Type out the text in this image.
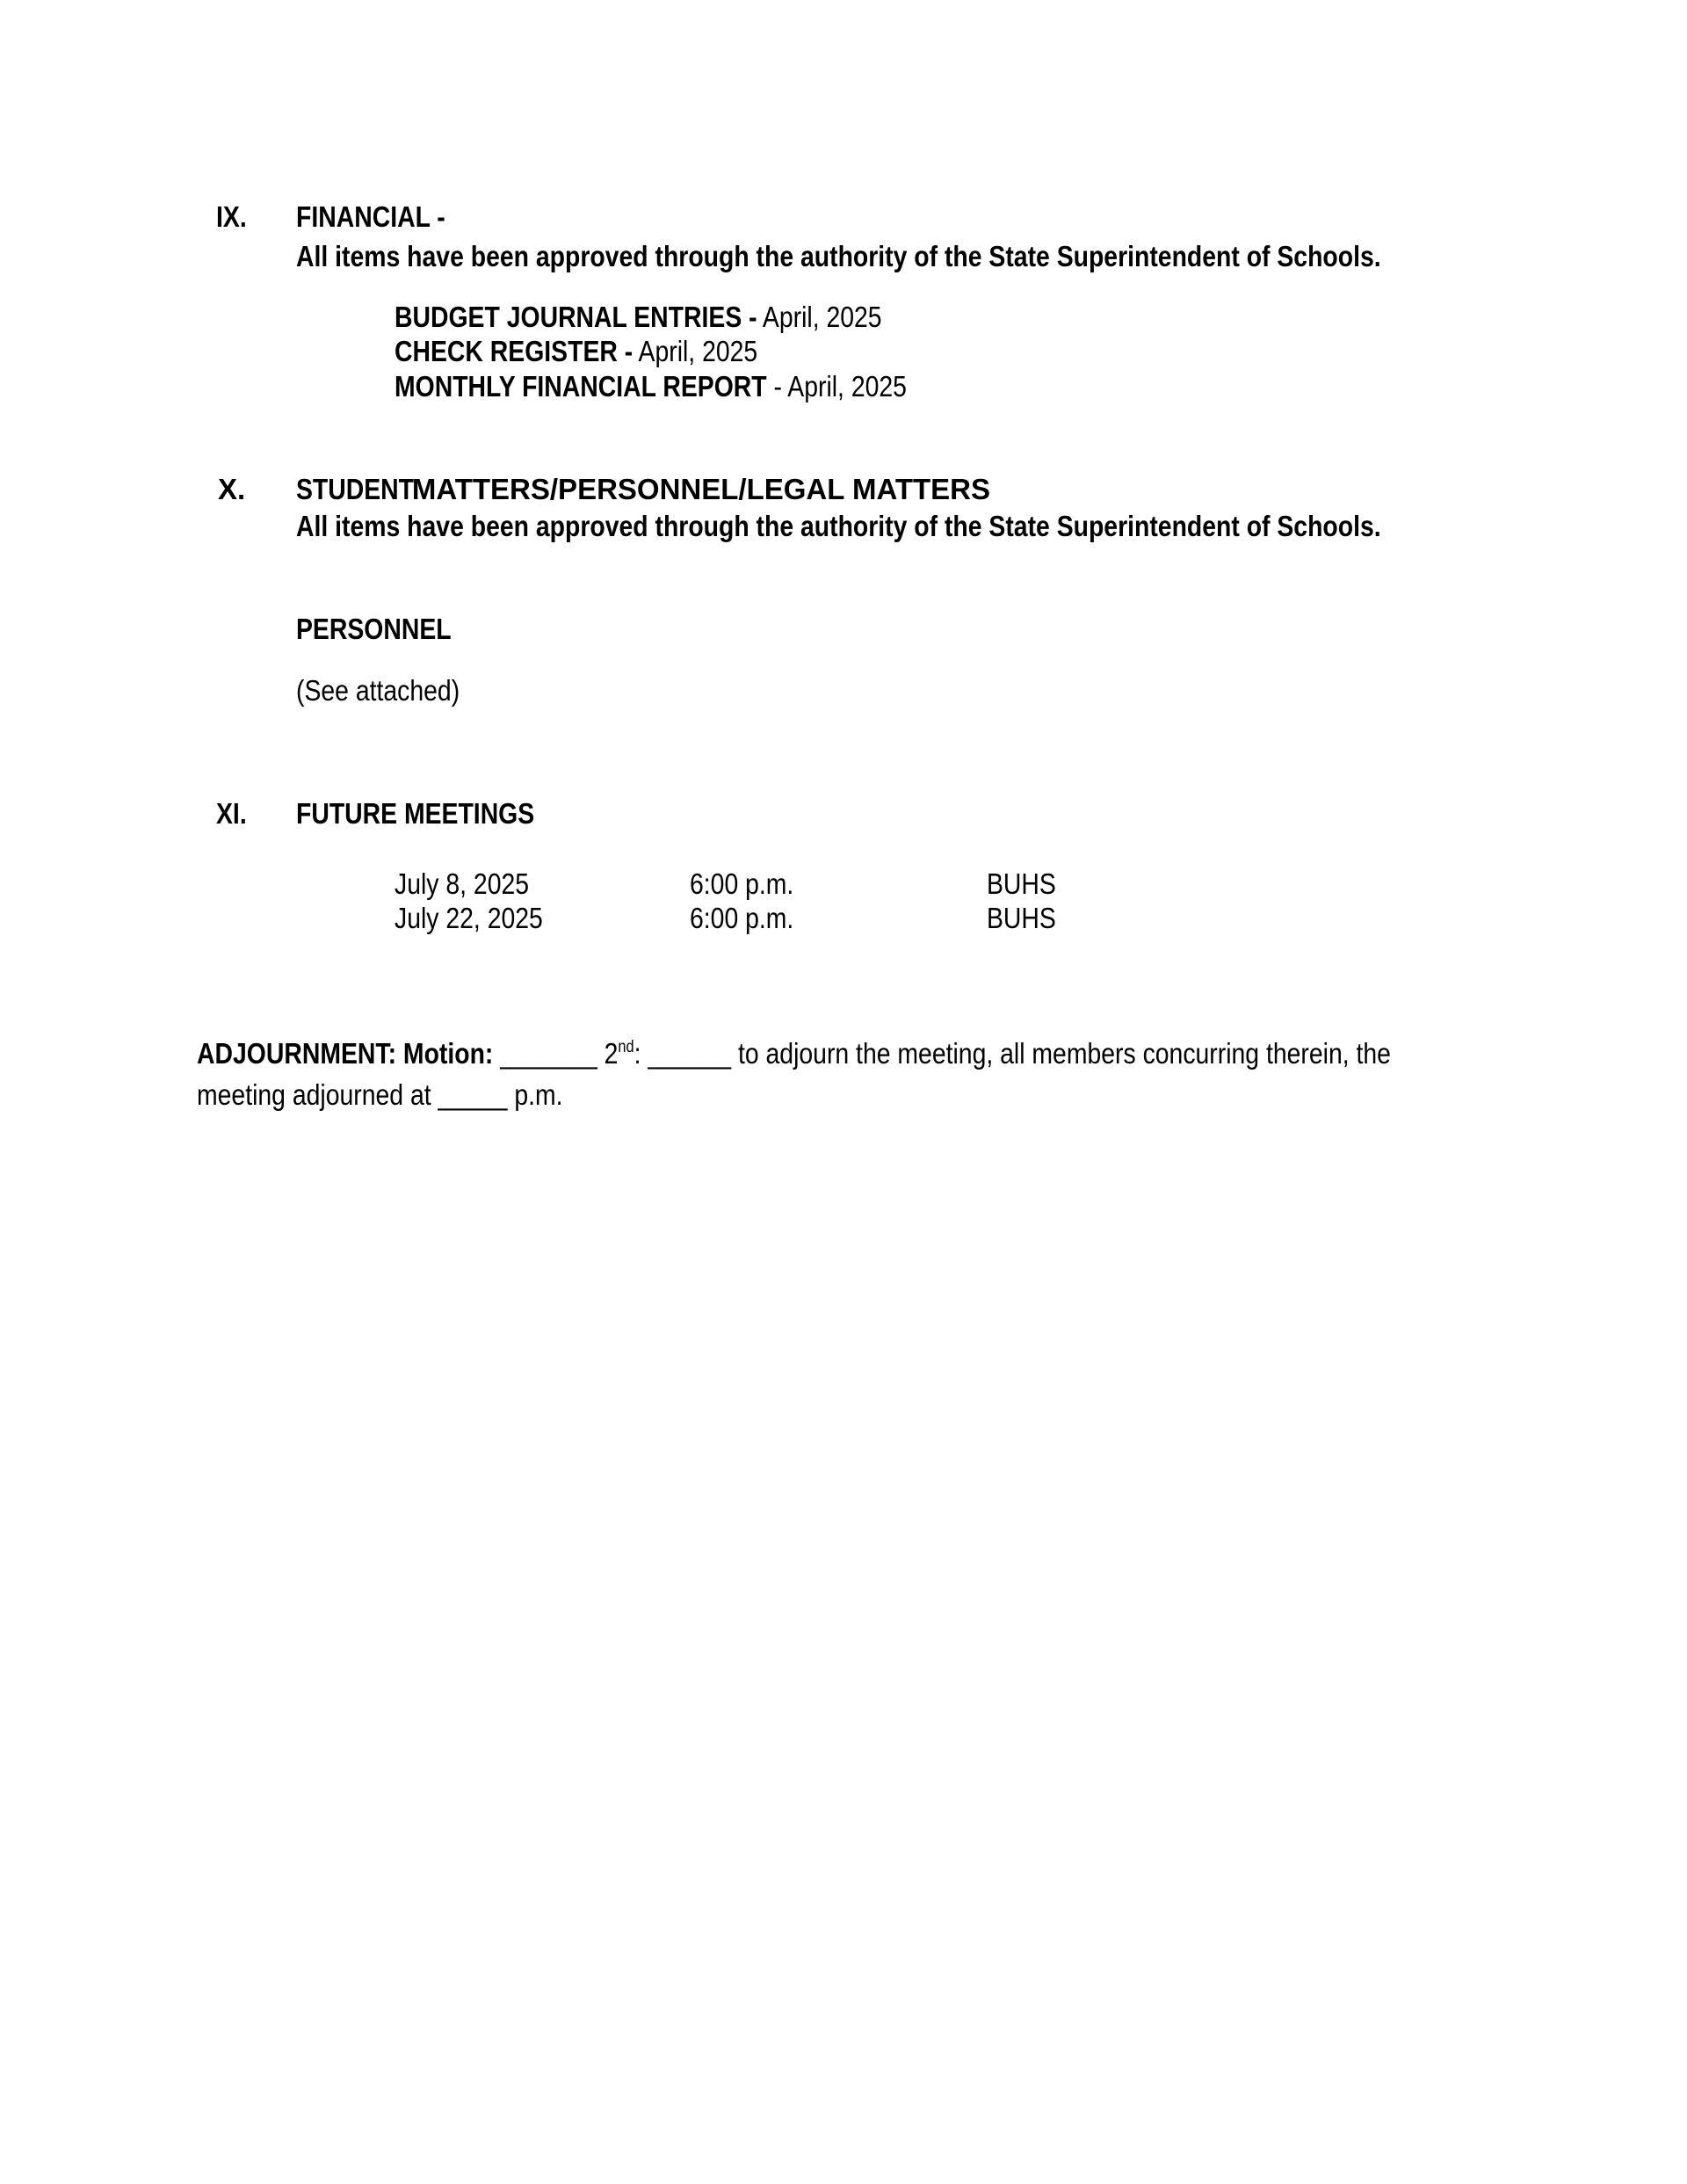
IX. FINANCIAL -
All items have been approved through the authority of the State Superintendent of Schools.
BUDGET JOURNAL ENTRIES - April, 2025
CHECK REGISTER - April, 2025
MONTHLY FINANCIAL REPORT - April, 2025
X. STUDENTMATTERS/PERSONNEL/LEGAL MATTERS
All items have been approved through the authority of the State Superintendent of Schools.
PERSONNEL
(See attached)
XI. FUTURE MEETINGS
July 8, 2025	6:00 p.m.	BUHS
July 22, 2025	6:00 p.m.	BUHS
ADJOURNMENT: Motion: _______ 2nd: ______ to adjourn the meeting, all members concurring therein, the
meeting adjourned at _____ p.m.
